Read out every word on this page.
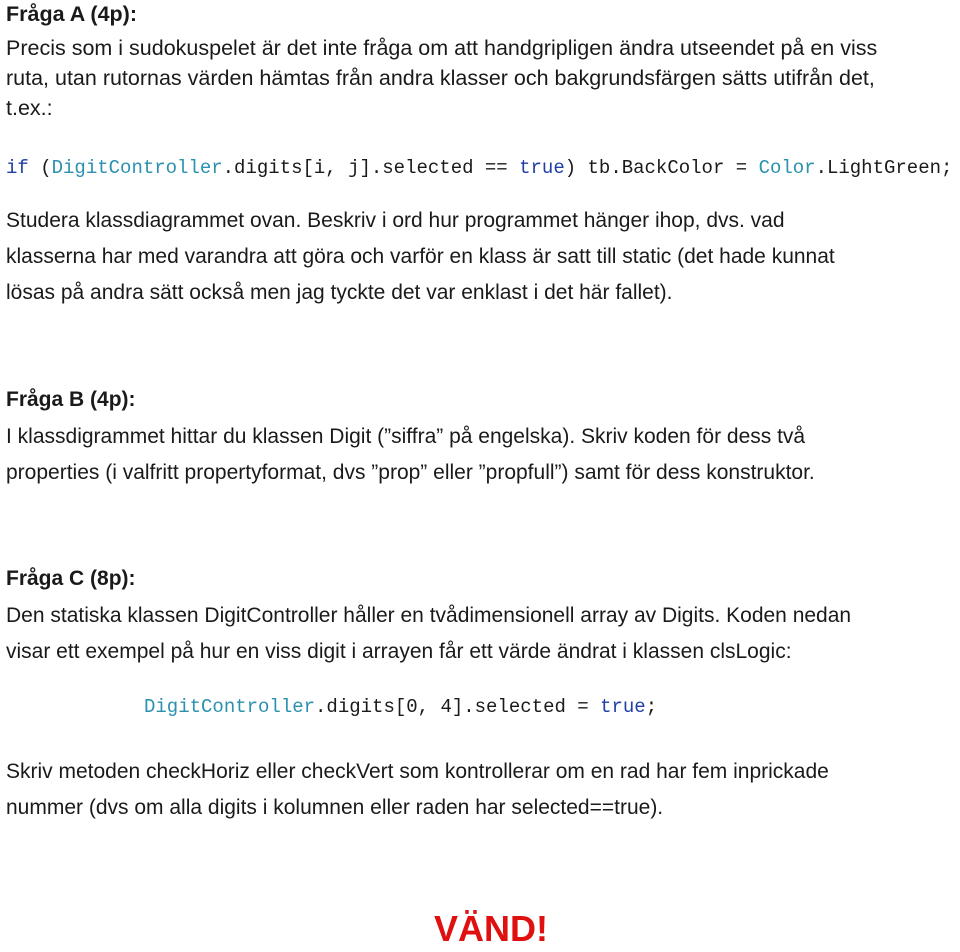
Fråga A (4p):
Precis som i sudokuspelet är det inte fråga om att handgripligen ändra utseendet på en viss
ruta, utan rutornas värden hämtas från andra klasser och bakgrundsfärgen sätts utifrån det,
t.ex.:
if (DigitController.digits[i, j].selected == true) tb.BackColor = Color.LightGreen;
Studera klassdiagrammet ovan. Beskriv i ord hur programmet hänger ihop, dvs. vad
klasserna har med varandra att göra och varför en klass är satt till static (det hade kunnat
lösas på andra sätt också men jag tyckte det var enklast i det här fallet).
Fråga B (4p):
I klassdigrammet hittar du klassen Digit (”siffra” på engelska). Skriv koden för dess två
properties (i valfritt propertyformat, dvs ”prop” eller ”propfull”) samt för dess konstruktor.
Fråga C (8p):
Den statiska klassen DigitController håller en tvådimensionell array av Digits. Koden nedan
visar ett exempel på hur en viss digit i arrayen får ett värde ändrat i klassen clsLogic:
DigitController.digits[0, 4].selected = true;
Skriv metoden checkHoriz eller checkVert som kontrollerar om en rad har fem inprickade
nummer (dvs om alla digits i kolumnen eller raden har selected==true).
VÄND!
